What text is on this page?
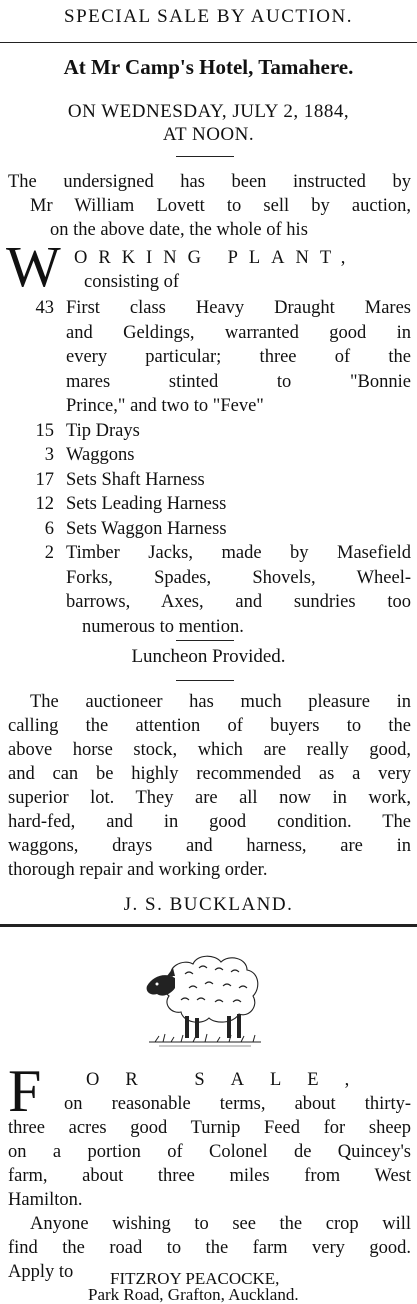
SPECIAL SALE BY AUCTION.
At Mr Camp's Hotel, Tamahere.
ON WEDNESDAY, JULY 2, 1884,
AT NOON.
The undersigned has been instructed by
Mr William Lovett to sell by auction,
on the above date, the whole of his
W ORKING PLANT,
consisting of
43 First class Heavy Draught Mares
and Geldings, warranted good in
every particular; three of the
mares stinted to "Bonnie
Prince," and two to "Feve"
15 Tip Drays
3 Waggons
17 Sets Shaft Harness
12 Sets Leading Harness
6 Sets Waggon Harness
2 Timber Jacks, made by Masefield
Forks, Spades, Shovels, Wheel-
barrows, Axes, and sundries too
numerous to mention.
Luncheon Provided.
The auctioneer has much pleasure in
calling the attention of buyers to the
above horse stock, which are really good,
and can be highly recommended as a very
superior lot. They are all now in work,
hard-fed, and in good condition. The
waggons, drays and harness, are in
thorough repair and working order.
J. S. BUCKLAND.
F OR SALE,
on reasonable terms, about thirty-
three acres good Turnip Feed for sheep
on a portion of Colonel de Quincey's
farm, about three miles from West
Hamilton.
Anyone wishing to see the crop will
find the road to the farm very good.
Apply to FITZROY PEACOCKE,
Park Road, Grafton, Auckland.
